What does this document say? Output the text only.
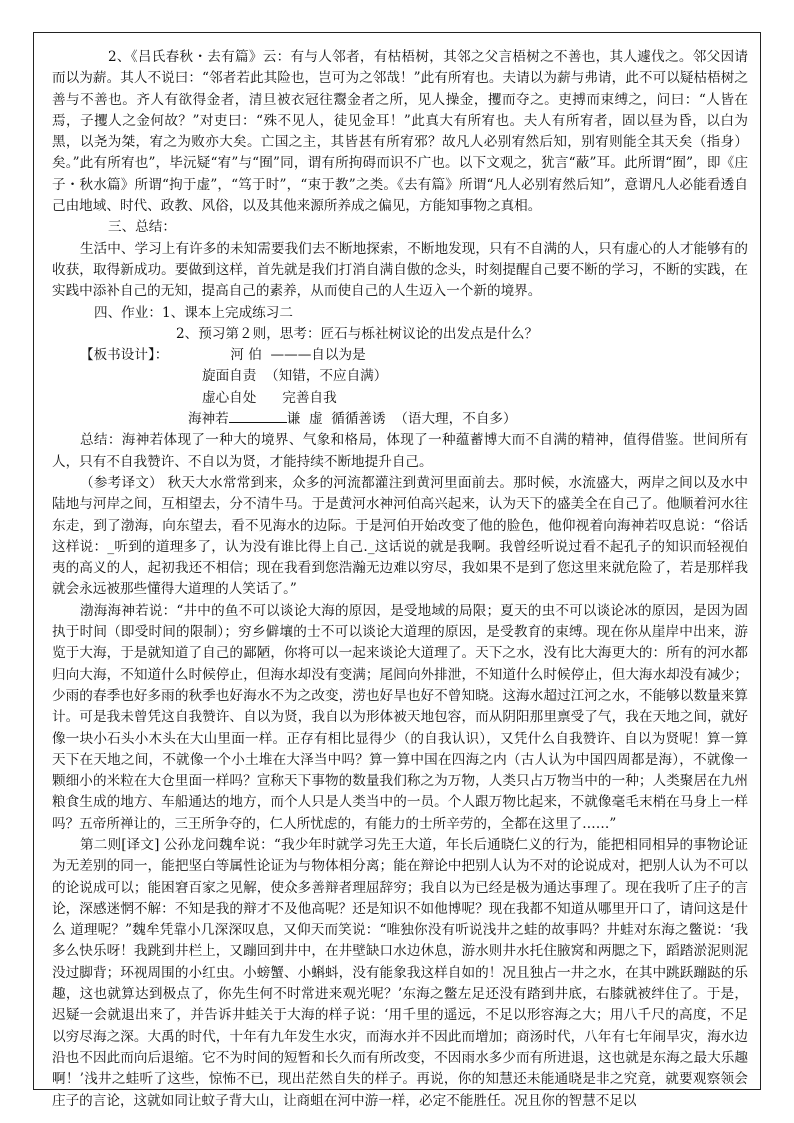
2、《吕氏春秋・去有篇》云：有与人邻者，有枯梧树，其邻之父言梧树之不善也，其人遽伐之。邻父因请而以为薪。其人不说曰：“邻者若此其险也，岂可为之邻哉！”此有所宥也。夫请以为薪与弗请，此不可以疑枯梧树之善与不善也。齐人有欲得金者，清旦被衣冠往鬻金者之所，见人操金，攫而夺之。吏搏而束缚之，问曰：“人皆在焉，子攫人之金何故？”对吏曰：“殊不见人，徒见金耳！”此真大有所宥也。夫人有所宥者，固以昼为昏，以白为黑，以尧为桀，宥之为败亦大矣。亡国之主，其皆甚有所宥邪？故凡人必别宥然后知，别宥则能全其天矣（指身）矣。”此有所宥也”，毕沅疑“宥”与“囿”同，谓有所拘碍而识不广也。以下文观之，犹言“蔽”耳。此所谓“囿”，即《庄子・秋水篇》所谓“拘于虚”，“笃于时”，“束于教”之类。《去有篇》所谓“凡人必别宥然后知”，意谓凡人必能看透自己由地域、时代、政教、风俗，以及其他来源所养成之偏见，方能知事物之真相。

三、总结：

生活中、学习上有许多的未知需要我们去不断地探索，不断地发现，只有不自满的人，只有虚心的人才能够有的收获，取得新成功。要做到这样，首先就是我们打消自满自傲的念头，时刻提醒自己要不断的学习，不断的实践，在实践中添补自己的无知，提高自己的素养，从而使自己的人生迈入一个新的境界。

四、作业：1、课本上完成练习二

2、预习第２则，思考：匠石与栎社树议论的出发点是什么？

【板书设计】：	河 伯  ———自以为是

旋面自责  （知错，不应自满）

虚心自处      完善自我

海神若	谦  虚  循循善诱  （语大理，不自多）

总结：海神若体现了一种大的境界、气象和格局，体现了一种蕴蓄博大而不自满的精神，值得借鉴。世间所有人，只有不自我赞许、不自以为贤，才能持续不断地提升自己。

（参考译文） 秋天大水常常到来，众多的河流都灌注到黄河里面前去。那时候，水流盛大，两岸之间以及水中陆地与河岸之间，互相望去，分不清牛马。于是黄河水神河伯高兴起来，认为天下的盛美全在自己了。他顺着河水往东走，到了渤海，向东望去，看不见海水的边际。于是河伯开始改变了他的脸色，他仰视着向海神若叹息说：“俗话这样说：_听到的道理多了，认为没有谁比得上自己._这话说的就是我啊。我曾经听说过看不起孔子的知识而轻视伯夷的高义的人，起初我还不相信；现在我看到您浩瀚无边难以穷尽，我如果不是到了您这里来就危险了，若是那样我就会永远被那些懂得大道理的人笑话了。”

渤海海神若说：“井中的鱼不可以谈论大海的原因，是受地域的局限；夏天的虫不可以谈论冰的原因，是因为固执于时间（即受时间的限制）；穷乡僻壤的士不可以谈论大道理的原因，是受教育的束缚。现在你从崖岸中出来，游览于大海，于是就知道了自己的鄙陋，你将可以一起来谈论大道理了。天下之水，没有比大海更大的：所有的河水都归向大海，不知道什么时候停止，但海水却没有变满；尾闾向外排泄，不知道什么时候停止，但大海水却没有减少；少雨的春季也好多雨的秋季也好海水不为之改变，涝也好旱也好不曾知晓。这海水超过江河之水，不能够以数量来算计。可是我未曾凭这自我赞许、自以为贤，我自以为形体被天地包容，而从阴阳那里禀受了气，我在天地之间，就好像一块小石头小木头在大山里面一样。正存有相比显得少（的自我认识），又凭什么自我赞许、自以为贤呢！算一算天下在天地之间，不就像一个小土堆在大泽当中吗？算一算中国在四海之内（古人认为中国四周都是海），不就像一颗细小的米粒在大仓里面一样吗？宣称天下事物的数量我们称之为万物，人类只占万物当中的一种；人类聚居在九州粮食生成的地方、车船通达的地方，而个人只是人类当中的一员。个人跟万物比起来，不就像毫毛末梢在马身上一样吗？五帝所禅让的，三王所争夺的，仁人所忧虑的，有能力的士所辛劳的，全都在这里了……”

第二则[译文] 公孙龙问魏牟说：“我少年时就学习先王大道，年长后通晓仁义的行为，能把相同相异的事物论证为无差别的同一，能把坚白等属性论证为与物体相分离；能在辩论中把别人认为不对的论说成对，把别人认为不可以的论说成可以；能困窘百家之见解，使众多善辩者理屈辞穷；我自以为已经是极为通达事理了。现在我听了庄子的言论，深感迷惘不解：不知是我的辩才不及他高呢？还是知识不如他博呢？现在我都不知道从哪里开口了，请问这是什么 道理呢？”魏牟凭靠小几深深叹息，又仰天而笑说：“唯独你没有听说浅井之蛙的故事吗？井蛙对东海之鳖说：‘我多么快乐呀！我跳到井栏上，又蹦回到井中，在井壁缺口水边休息，游水则井水托住腋窝和两腮之下，蹈踏淤泥则泥没过脚背；环视周围的小红虫。小螃蟹、小蝌蚪，没有能象我这样自如的！况且独占一井之水，在其中跳跃蹦跶的乐趣，这也就算达到极点了，你先生何不时常进来观光呢？’东海之鳖左足还没有踏到井底，右膝就被绊住了。于是，迟疑一会就退出来了，并告诉井蛙关于大海的样子说：‘用千里的遥远，不足以形容海之大；用八千尺的高度，不足以穷尽海之深。大禹的时代，十年有九年发生水灾，而海水并不因此而增加；商汤时代，八年有七年闹旱灾，海水边沿也不因此而向后退缩。它不为时间的短暂和长久而有所改变，不因雨水多少而有所进退，这也就是东海之最大乐趣啊！’浅井之蛙听了这些，惊怖不已，现出茫然自失的样子。再说，你的知慧还未能通晓是非之究竟，就要观察领会庄子的言论，这就如同让蚊子背大山，让商蛆在河中游一样，必定不能胜任。况且你的智慧不足以
